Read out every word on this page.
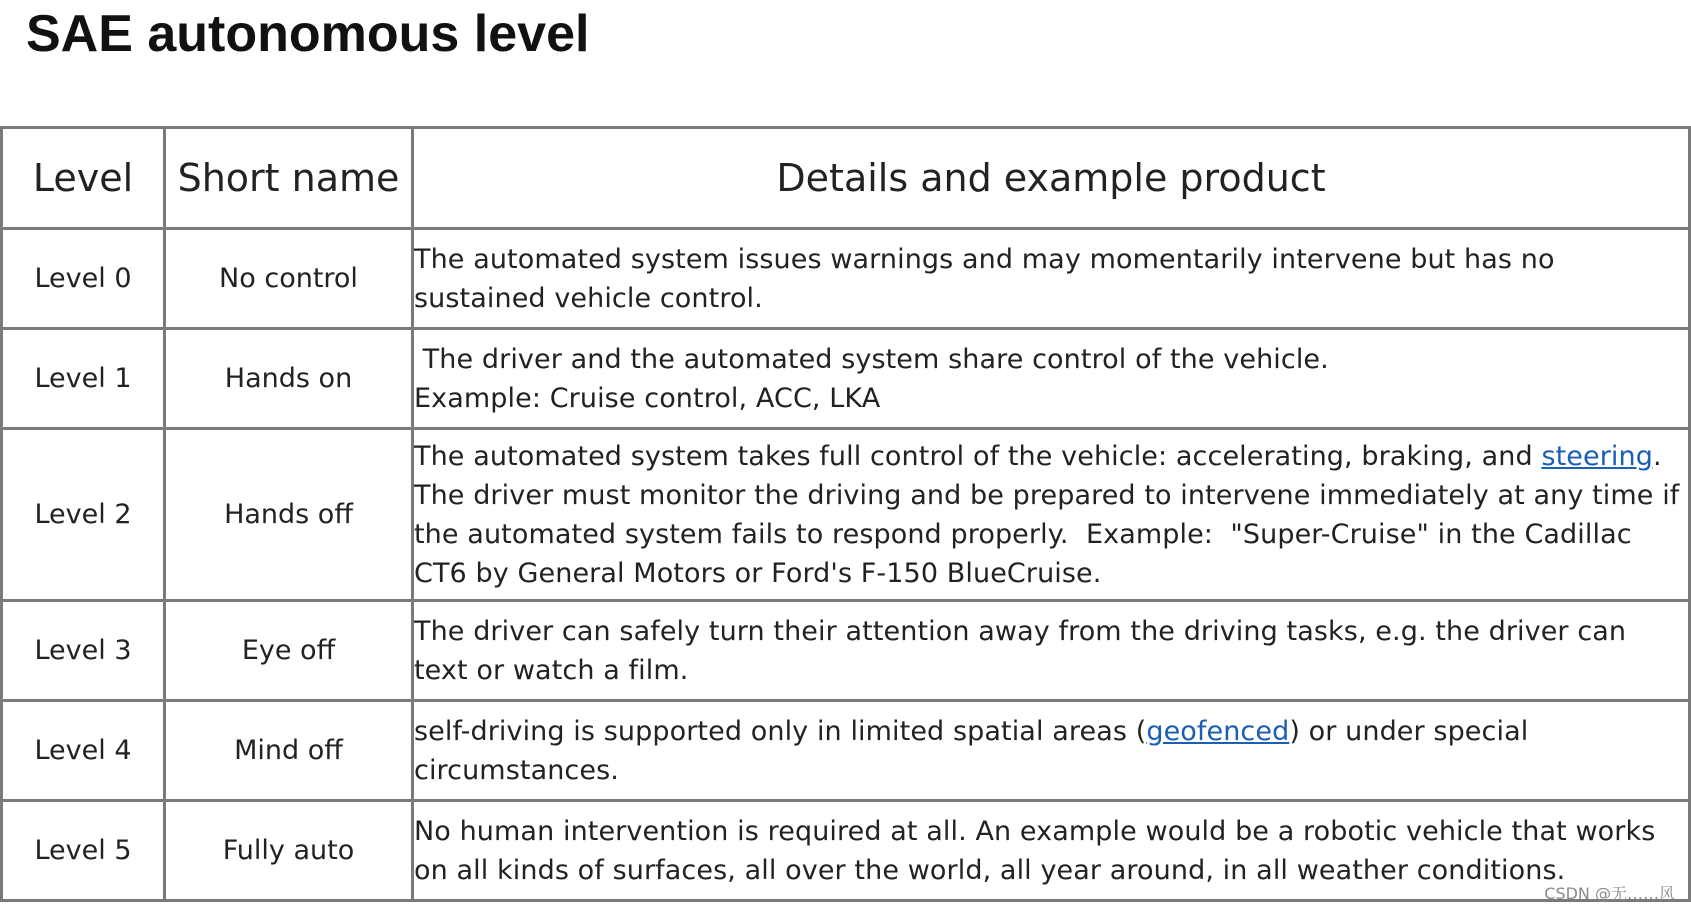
SAE autonomous level
Level	Short name	Details and example product
Level 0	No control	The automated system issues warnings and may momentarily intervene but has no sustained vehicle control.
Level 1	Hands on	The driver and the automated system share control of the vehicle.
Example: Cruise control, ACC, LKA
Level 2	Hands off	The automated system takes full control of the vehicle: accelerating, braking, and steering. The driver must monitor the driving and be prepared to intervene immediately at any time if the automated system fails to respond properly.  Example:  "Super-Cruise" in the Cadillac CT6 by General Motors or Ford's F-150 BlueCruise.
Level 3	Eye off	The driver can safely turn their attention away from the driving tasks, e.g. the driver can text or watch a film.
Level 4	Mind off	self-driving is supported only in limited spatial areas (geofenced) or under special circumstances.
Level 5	Fully auto	No human intervention is required at all. An example would be a robotic vehicle that works on all kinds of surfaces, all over the world, all year around, in all weather conditions.
CSDN @无……风
